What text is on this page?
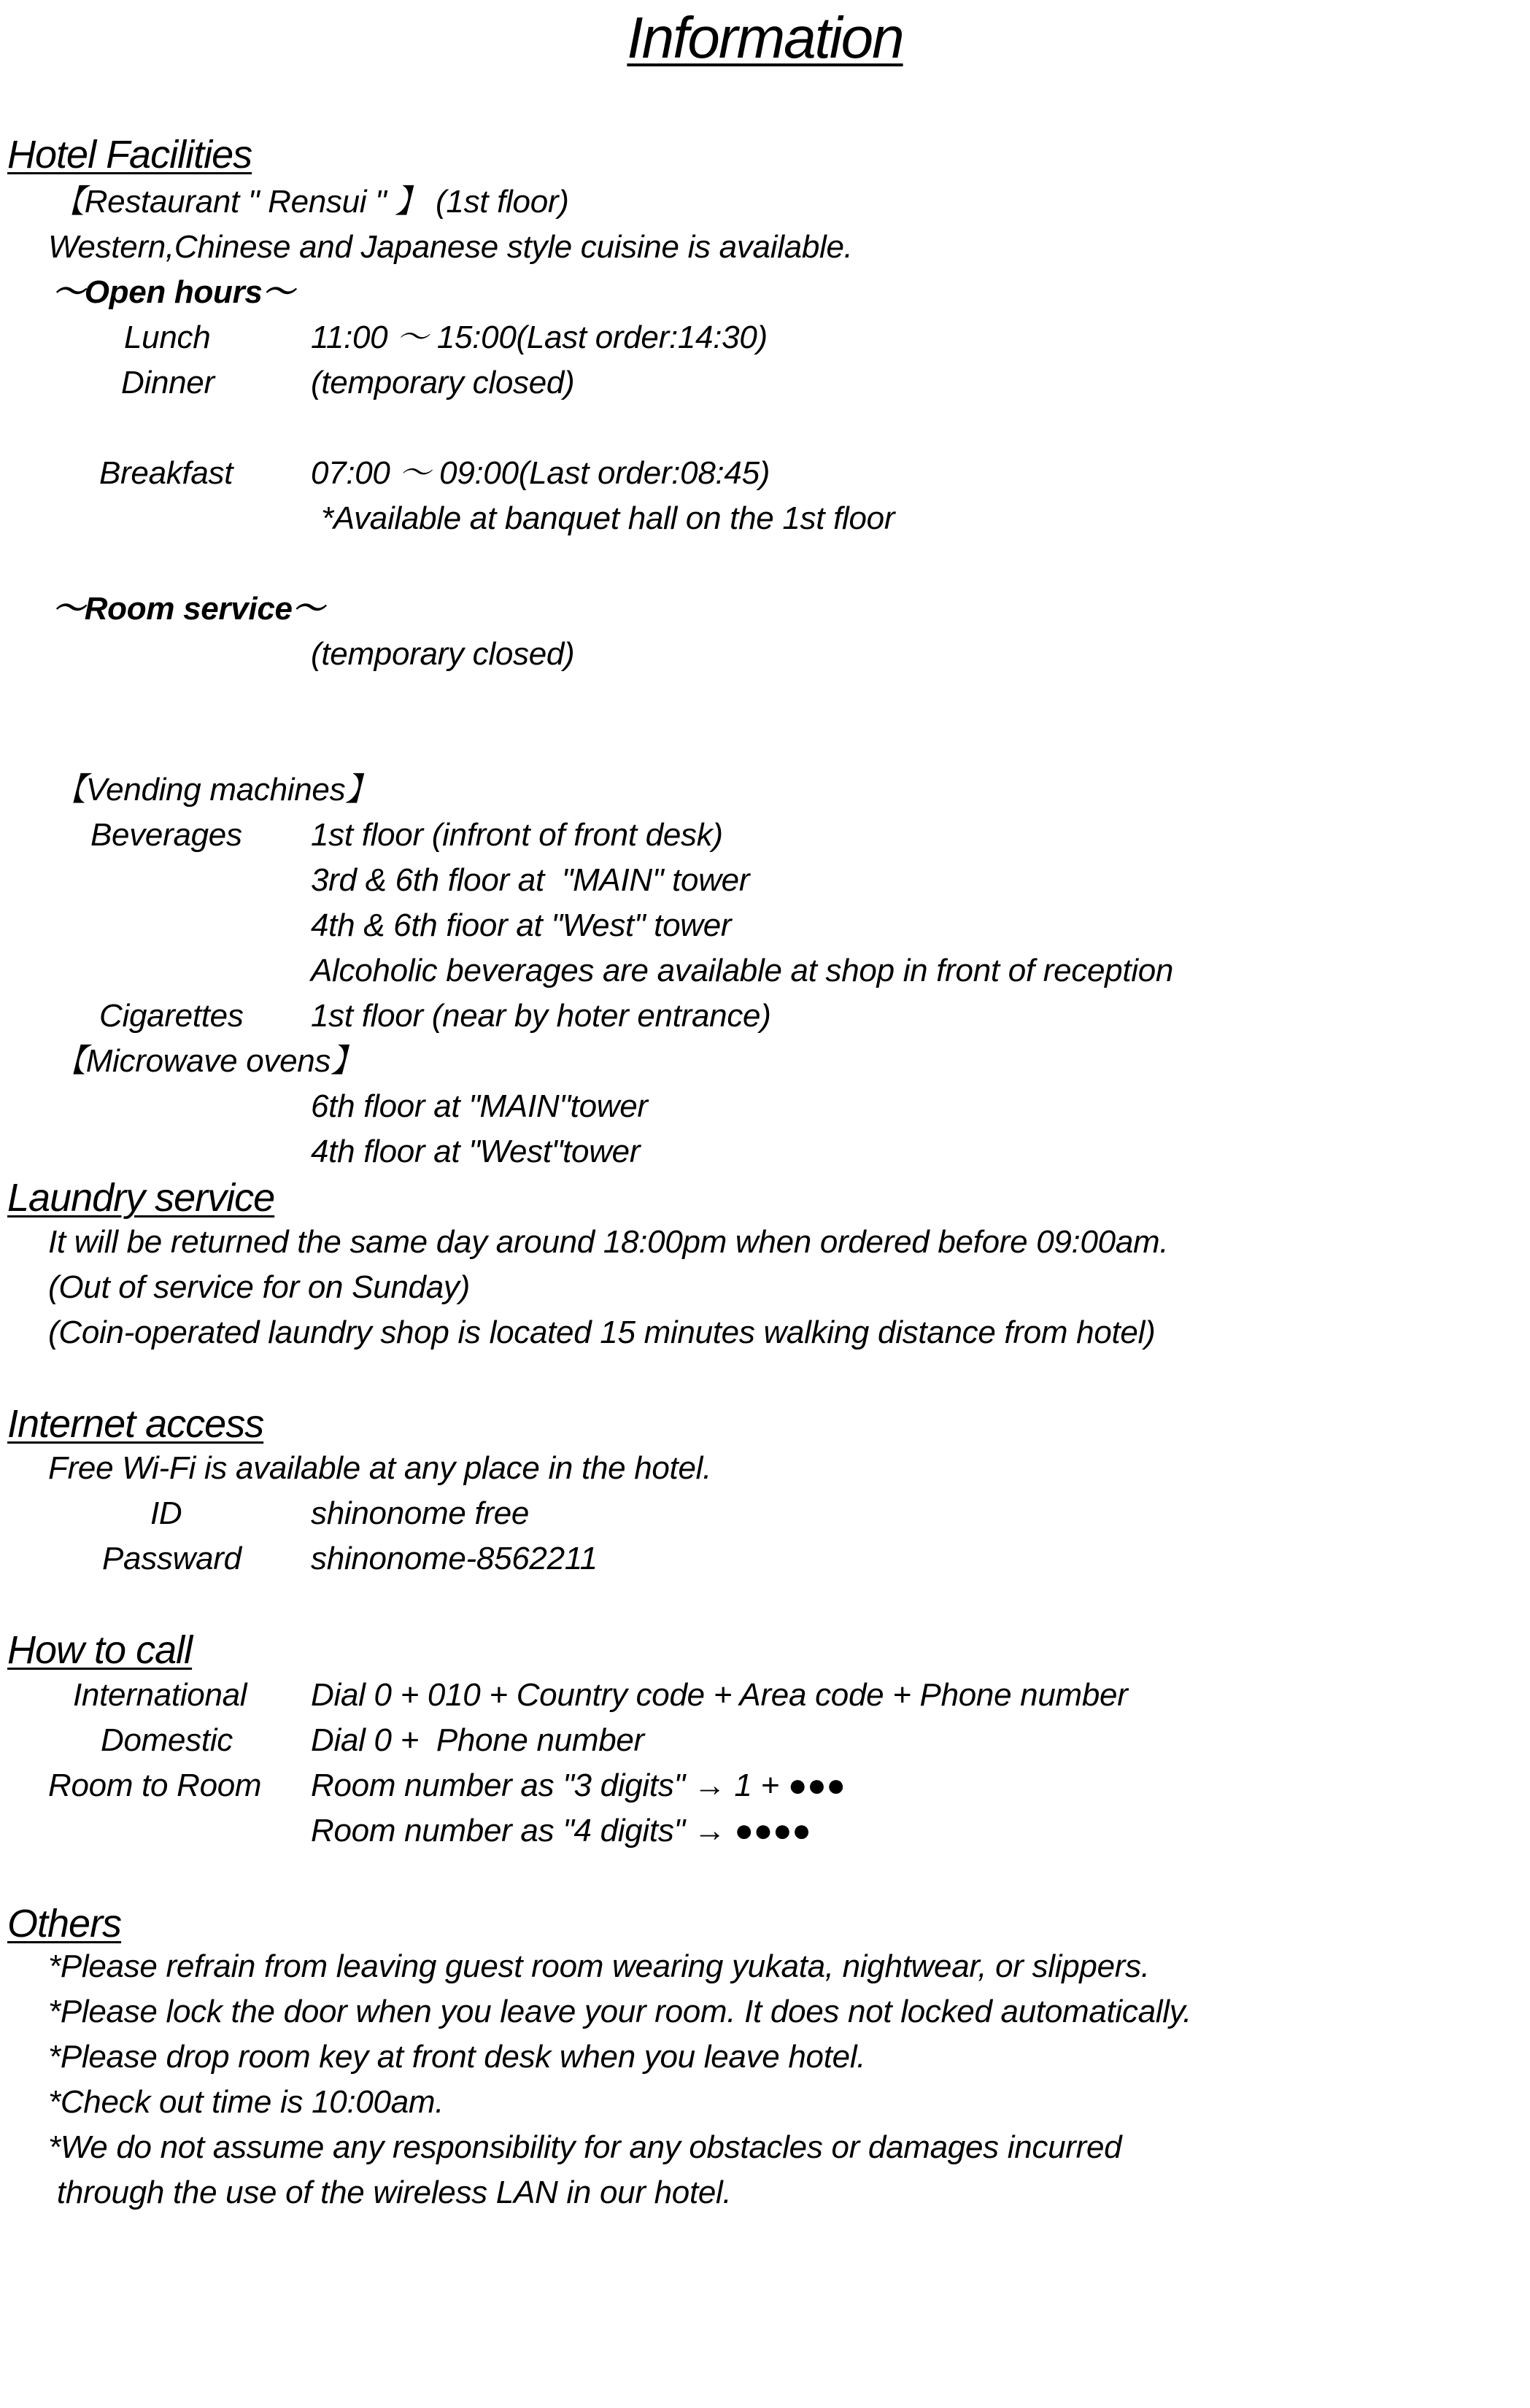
Information
Hotel Facilities
【Restaurant " Rensui " 】 (1st floor)
Western,Chinese and Japanese style cuisine is available.
～Open hours～
Lunch	11:00 ～ 15:00(Last order:14:30)
Dinner	(temporary closed)
Breakfast 07:00 ～ 09:00(Last order:08:45)
*Available at banquet hall on the 1st floor
～Room service～
(temporary closed)
【Vending machines】
Beverages 1st floor (infront of front desk)
3rd & 6th floor at  "MAIN" tower
4th & 6th fioor at "West" tower
Alcoholic beverages are available at shop in front of reception
Cigarettes 1st floor (near by hoter entrance)
【Microwave ovens】
6th floor at "MAIN"tower
4th floor at "West"tower
Laundry service
It will be returned the same day around 18:00pm when ordered before 09:00am.
(Out of service for on Sunday)
(Coin-operated laundry shop is located 15 minutes walking distance from hotel)
Internet access
Free Wi-Fi is available at any place in the hotel.
ID	shinonome free
Passward shinonome-8562211
How to call
International Dial 0 + 010 + Country code + Area code + Phone number
Domestic Dial 0 +  Phone number
Room to Room Room number as "3 digits" → 1 + ●●●
Room number as "4 digits" → ●●●●
Others
*Please refrain from leaving guest room wearing yukata, nightwear, or slippers.
*Please lock the door when you leave your room. It does not locked automatically.
*Please drop room key at front desk when you leave hotel.
*Check out time is 10:00am.
*We do not assume any responsibility for any obstacles or damages incurred
through the use of the wireless LAN in our hotel.
